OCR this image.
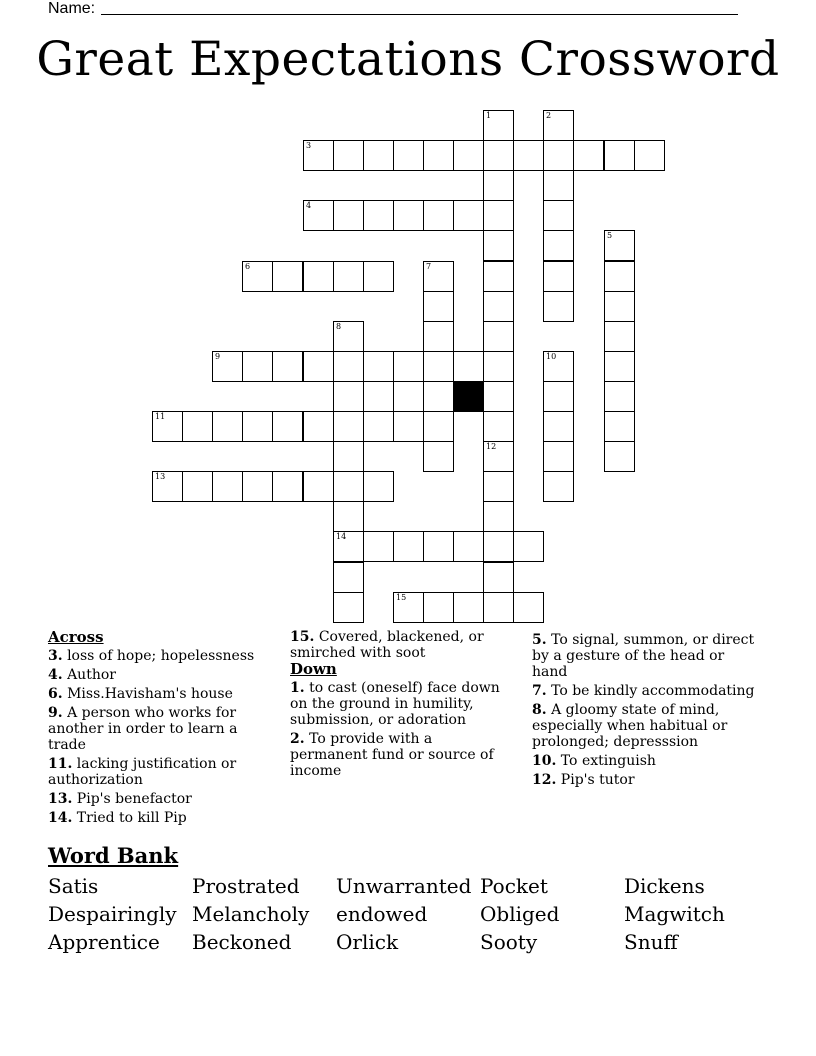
Name:
Great Expectations Crossword
3
4
6
9
11
13
14
15
1
12
2
5
7
8
10
Across
3. loss of hope; hopelessness
4. Author
6. Miss.Havisham's house
9. A person who works for another in order to learn a trade
11. lacking justification or authorization
13. Pip's benefactor
14. Tried to kill Pip
15. Covered, blackened, or smirched with soot
Down
1. to cast (oneself) face down on the ground in humility, submission, or adoration
2. To provide with a permanent fund or source of income
5. To signal, summon, or direct by a gesture of the head or hand
7. To be kindly accommodating
8. A gloomy state of mind, especially when habitual or prolonged; depresssion
10. To extinguish
12. Pip's tutor
Word Bank
Satis	Prostrated Unwarranted Pocket	Dickens
Despairingly Melancholy endowed	Obliged	Magwitch
Apprentice Beckoned Orlick	Sooty	Snuff
